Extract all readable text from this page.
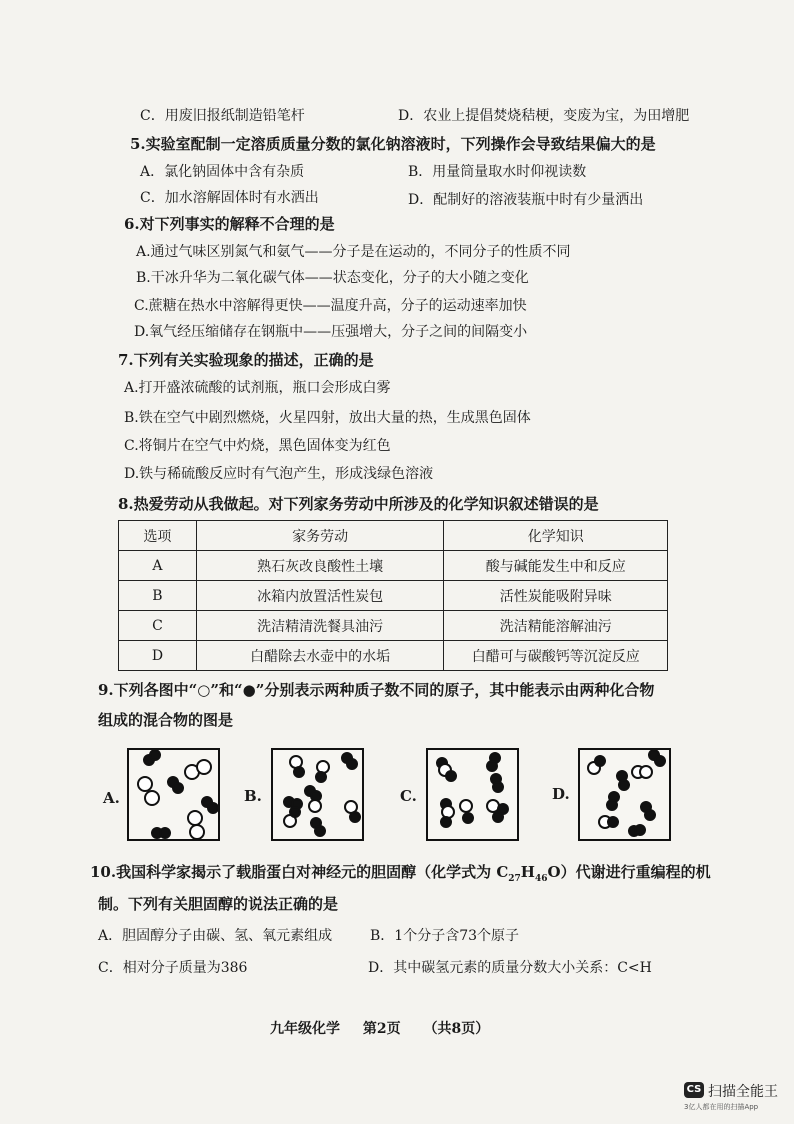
C．用废旧报纸制造铅笔杆	D．农业上提倡焚烧秸梗，变废为宝，为田增肥
5.实验室配制一定溶质质量分数的氯化钠溶液时，下列操作会导致结果偏大的是
A．氯化钠固体中含有杂质	B．用量筒量取水时仰视读数
C．加水溶解固体时有水洒出	D．配制好的溶液装瓶中时有少量洒出
6.对下列事实的解释不合理的是
A.通过气味区别氮气和氨气——分子是在运动的，不同分子的性质不同
B.干冰升华为二氧化碳气体——状态变化，分子的大小随之变化
C.蔗糖在热水中溶解得更快——温度升高，分子的运动速率加快
D.氧气经压缩储存在钢瓶中——压强增大，分子之间的间隔变小
7.下列有关实验现象的描述，正确的是
A.打开盛浓硫酸的试剂瓶，瓶口会形成白雾
B.铁在空气中剧烈燃烧，火星四射，放出大量的热，生成黑色固体
C.将铜片在空气中灼烧，黑色固体变为红色
D.铁与稀硫酸反应时有气泡产生，形成浅绿色溶液
8.热爱劳动从我做起。对下列家务劳动中所涉及的化学知识叙述错误的是
选项	家务劳动	化学知识
A	熟石灰改良酸性土壤	酸与碱能发生中和反应
B	冰箱内放置活性炭包	活性炭能吸附异味
C	洗洁精清洗餐具油污	洗洁精能溶解油污
D	白醋除去水壶中的水垢	白醋可与碳酸钙等沉淀反应
9.下列各图中“○”和“●”分别表示两种质子数不同的原子，其中能表示由两种化合物
组成的混合物的图是
A.	B.	C.	D.
10.我国科学家揭示了载脂蛋白对神经元的胆固醇（化学式为 $C_{27}H_{46}O$）代谢进行重编程的机
制。下列有关胆固醇的说法正确的是
A．胆固醇分子由碳、氢、氧元素组成	B．1个分子含73个原子
C．相对分子质量为386	D．其中碳氢元素的质量分数大小关系：C<H
九年级化学 第2页 （共8页）
CS 扫描全能王
3亿人都在用的扫描App
